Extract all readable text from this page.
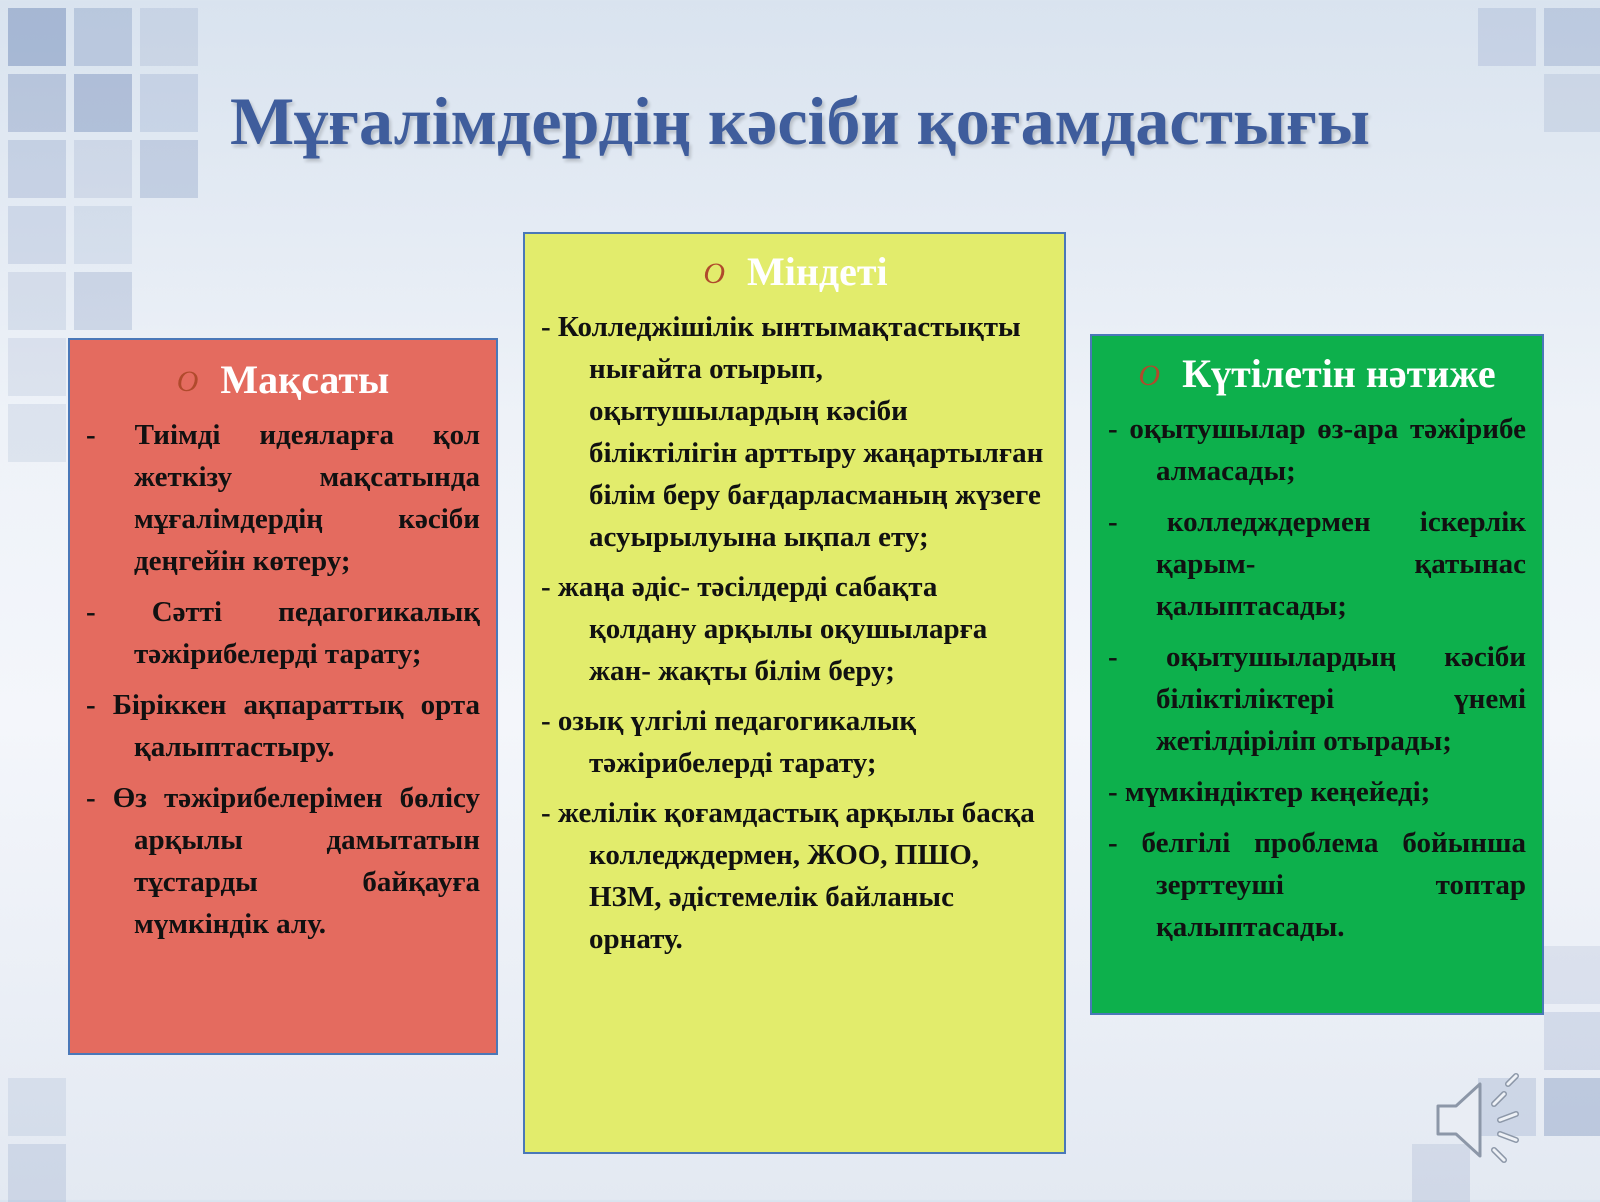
Мұғалімдердің кәсіби қоғамдастығы
O Мақсаты
- Тиімді идеяларға қол жеткізу мақсатында мұғалімдердің кәсіби деңгейін көтеру;
- Сәтті педагогикалық тәжірибелерді тарату;
- Біріккен ақпараттық орта қалыптастыру.
- Өз тәжірибелерімен бөлісу арқылы дамытатын тұстарды байқауға мүмкіндік алу.
O Міндеті
- Колледжішілік ынтымақтастықты нығайта отырып, оқытушылардың кәсіби біліктілігін арттыру жаңартылған білім беру бағдарласманың жүзеге асуырылуына ықпал ету;
- жаңа әдіс- тәсілдерді сабақта қолдану арқылы оқушыларға жан- жақты білім беру;
- озық үлгілі педагогикалық тәжірибелерді тарату;
- желілік қоғамдастық арқылы басқа колледждермен, ЖОО, ПШО, НЗМ, әдістемелік байланыс орнату.
O Күтілетін нәтиже
- оқытушылар өз-ара тәжірибе алмасады;
- колледждермен іскерлік қарым- қатынас қалыптасады;
- оқытушылардың кәсіби біліктіліктері үнемі жетілдіріліп отырады;
- мүмкіндіктер кеңейеді;
- белгілі проблема бойынша зерттеуші топтар қалыптасады.
